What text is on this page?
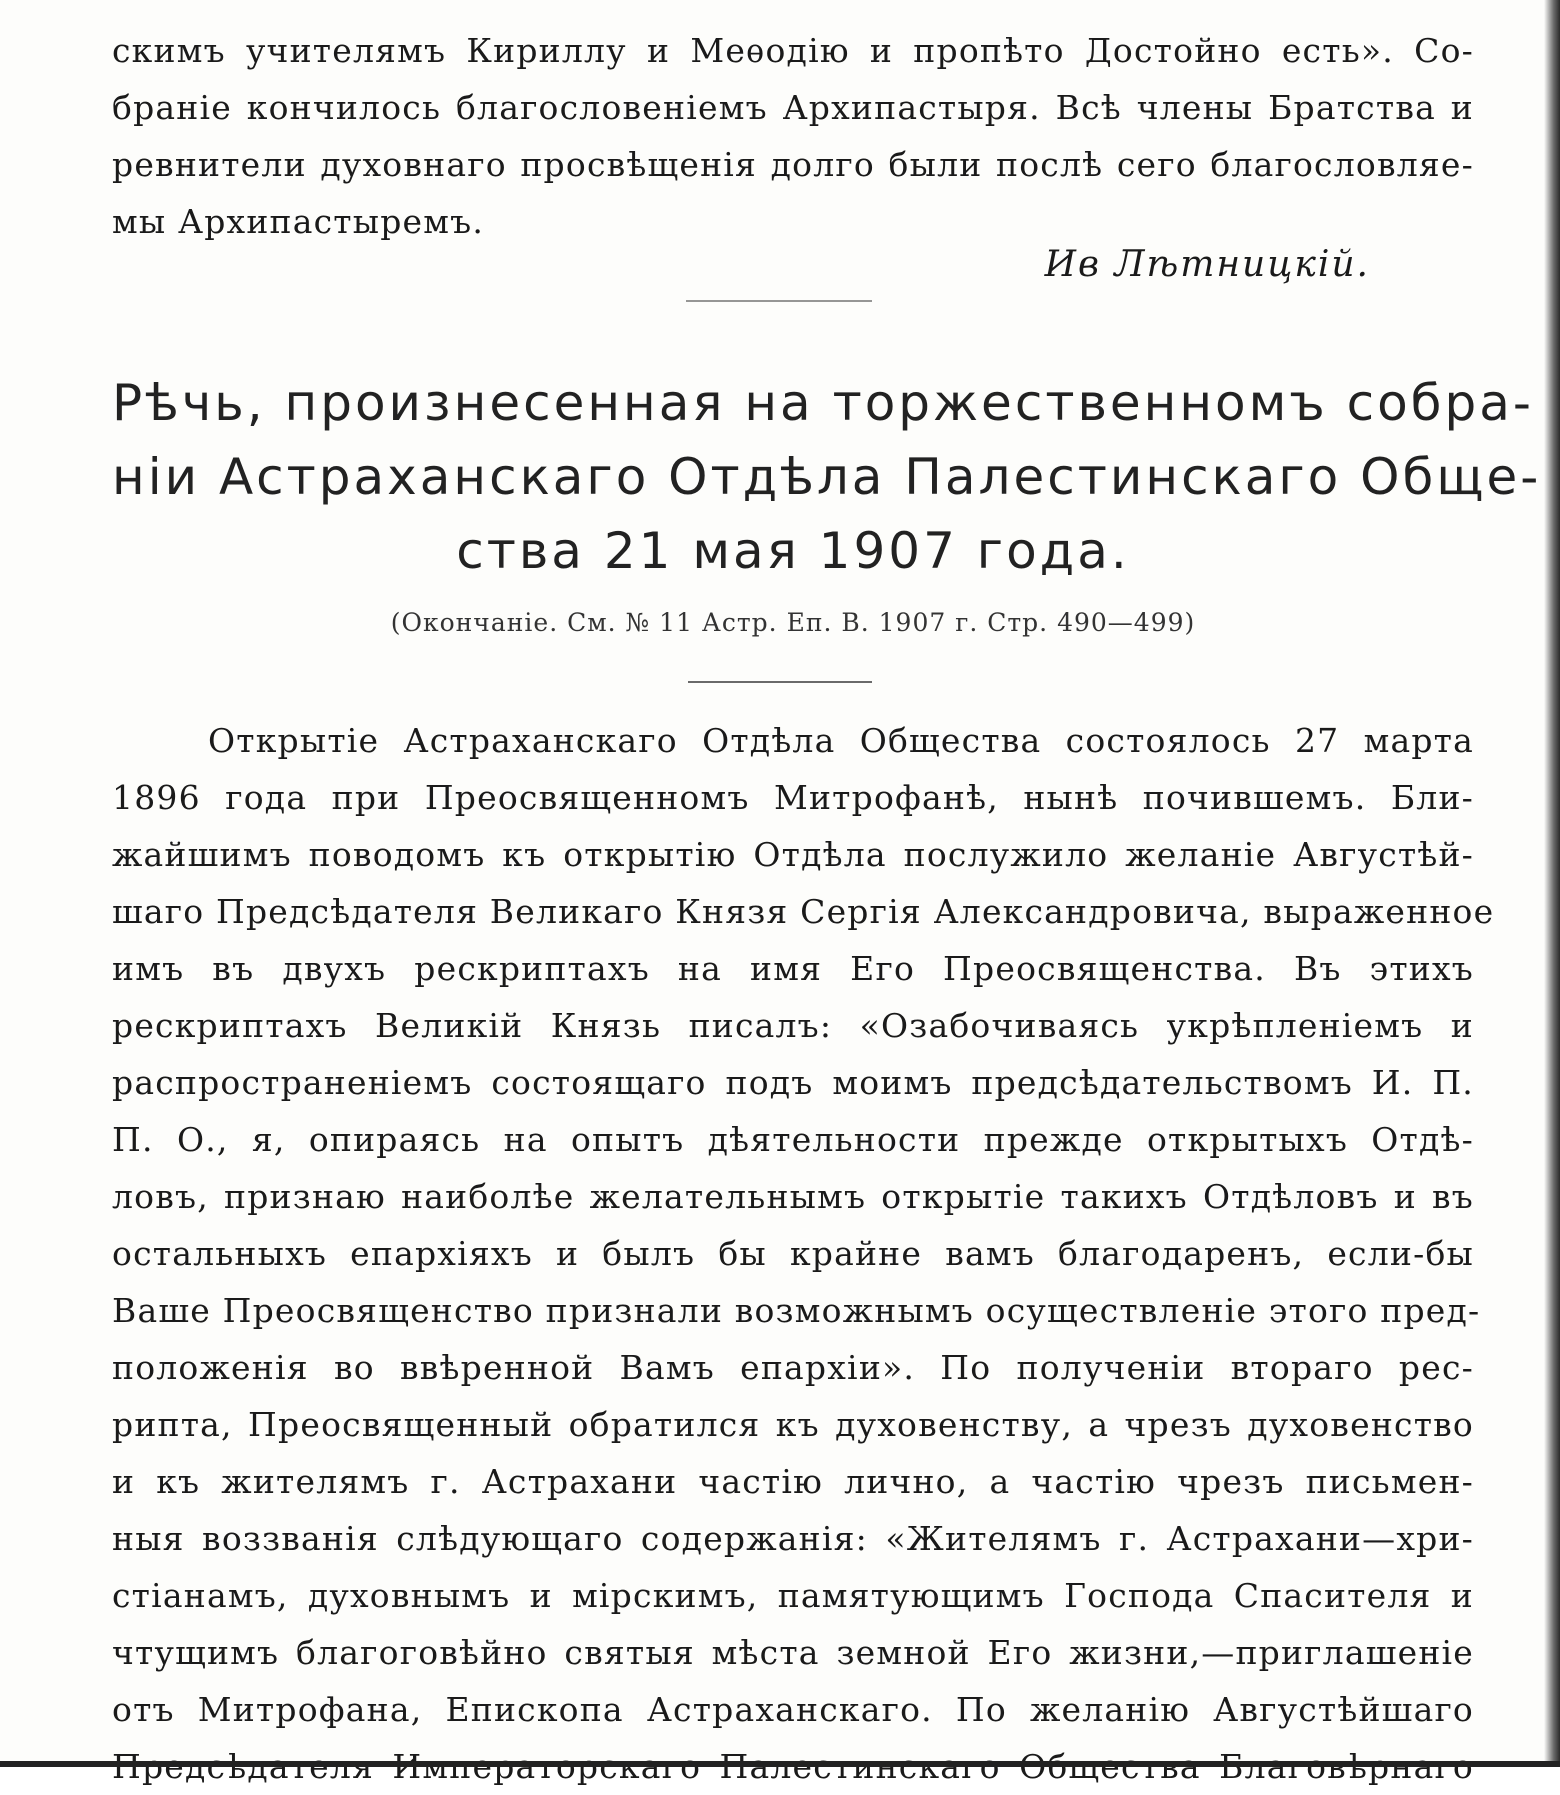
скимъ учителямъ Кириллу и Меѳодію и пропѣто Достойно есть». Со-
браніе кончилось благословеніемъ Архипастыря. Всѣ члены Братства и
ревнители духовнаго просвѣщенія долго были послѣ сего благословляе-
мы Архипастыремъ.
Ив Лѣтницкій.
Рѣчь, произнесенная на торжественномъ собра-
ніи Астраханскаго Отдѣла Палестинскаго Обще-
ства 21 мая 1907 года.
(Окончаніе. См. № 11 Астр. Еп. В. 1907 г. Стр. 490—499)
Открытіе Астраханскаго Отдѣла Общества состоялось 27 марта
1896 года при Преосвященномъ Митрофанѣ, нынѣ почившемъ. Бли-
жайшимъ поводомъ къ открытію Отдѣла послужило желаніе Августѣй-
шаго Предсѣдателя Великаго Князя Сергія Александровича, выраженное
имъ въ двухъ рескриптахъ на имя Его Преосвященства. Въ этихъ
рескриптахъ Великій Князь писалъ: «Озабочиваясь укрѣпленіемъ и
распространеніемъ состоящаго подъ моимъ предсѣдательствомъ И. П.
П. О., я, опираясь на опытъ дѣятельности прежде открытыхъ Отдѣ-
ловъ, признаю наиболѣе желательнымъ открытіе такихъ Отдѣловъ и въ
остальныхъ епархіяхъ и былъ бы крайне вамъ благодаренъ, если-бы
Ваше Преосвященство признали возможнымъ осуществленіе этого пред-
положенія во ввѣренной Вамъ епархіи». По полученіи втораго рес-
рипта, Преосвященный обратился къ духовенству, а чрезъ духовенство
и къ жителямъ г. Астрахани частію лично, а частію чрезъ письмен-
ныя воззванія слѣдующаго содержанія: «Жителямъ г. Астрахани—хри-
стіанамъ, духовнымъ и мірскимъ, памятующимъ Господа Спасителя и
чтущимъ благоговѣйно святыя мѣста земной Его жизни,—приглашеніе
отъ Митрофана, Епископа Астраханскаго. По желанію Августѣйшаго
